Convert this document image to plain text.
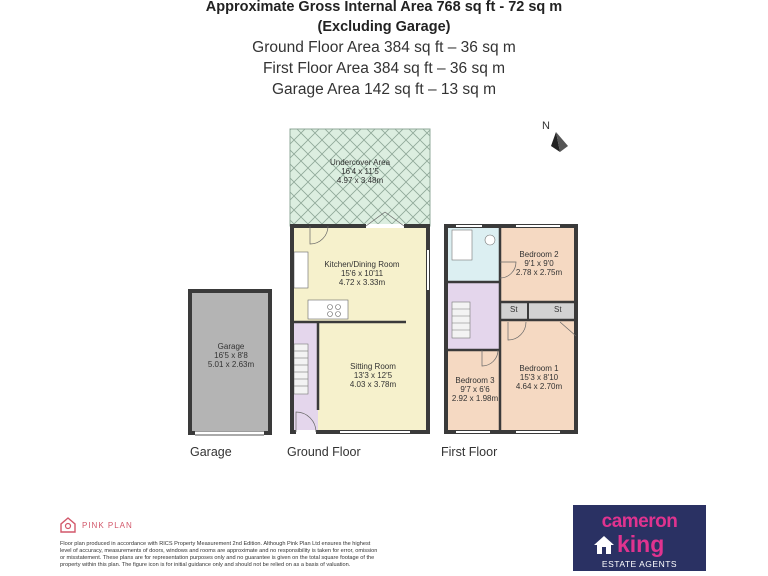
Approximate Gross Internal Area 768 sq ft - 72 sq m
(Excluding Garage)
Ground Floor Area 384 sq ft – 36 sq m
First Floor Area 384 sq ft – 36 sq m
Garage Area 142 sq ft – 13 sq m
N
Undercover Area
16'4 x 11'5
4.97 x 3.48m
Kitchen/Dining Room
15'6 x 10'11
4.72 x 3.33m
Sitting Room
13'3 x 12'5
4.03 x 3.78m
Garage
16'5 x 8'8
5.01 x 2.63m
Bedroom 2
9'1 x 9'0
2.78 x 2.75m
Bedroom 1
15'3 x 8'10
4.64 x 2.70m
Bedroom 3
9'7 x 6'6
2.92 x 1.98m
St	St
Garage	Ground Floor	First Floor
PINK PLAN
Floor plan produced in accordance with RICS Property Measurement 2nd Edition. Although Pink Plan Ltd ensures the highest
level of accuracy, measurements of doors, windows and rooms are approximate and no responsibility is taken for error, omission
or misstatement. These plans are for representation purposes only and no guarantee is given on the total square footage of the
property within this plan. The figure icon is for initial guidance only and should not be relied on as a basis of valuation.
cameron
king
ESTATE AGENTS
